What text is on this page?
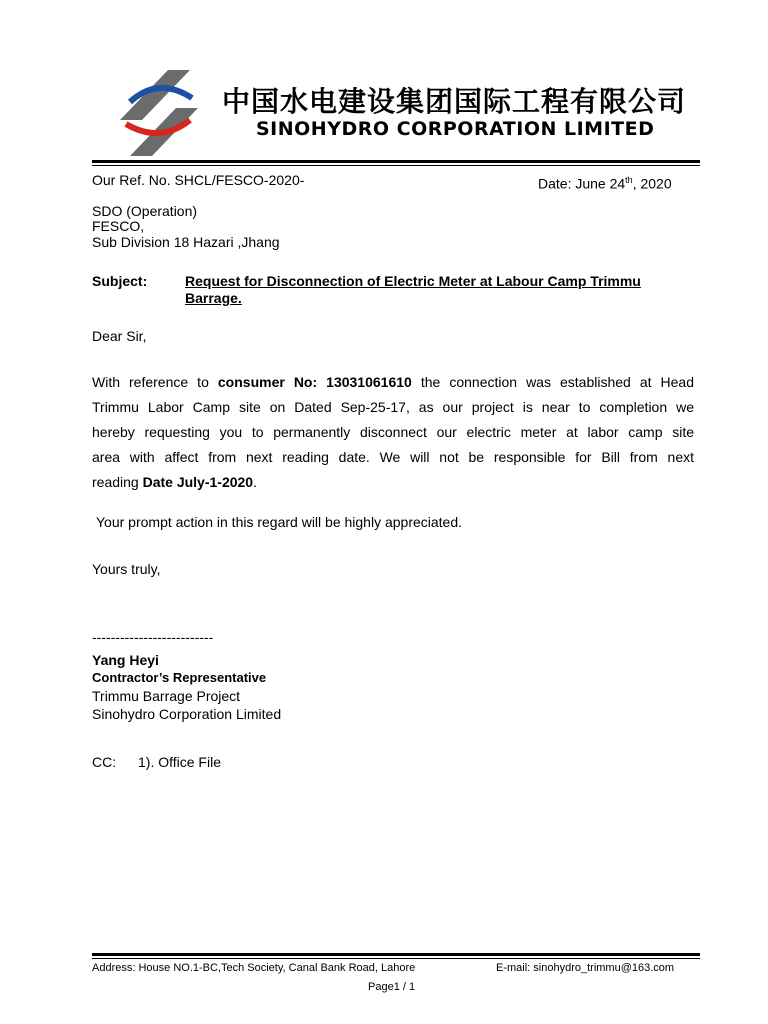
中国水电建设集团国际工程有限公司
SINOHYDRO CORPORATION LIMITED
Our Ref. No. SHCL/FESCO-2020-	Date: June 24th, 2020
SDO (Operation)
FESCO,
Sub Division 18 Hazari ,Jhang
Subject:	Request for Disconnection of Electric Meter at Labour Camp Trimmu
Barrage.
Dear Sir,
With reference to consumer No: 13031061610 the connection was established at Head
Trimmu Labor Camp site on Dated Sep-25-17, as our project is near to completion we
hereby requesting you to permanently disconnect our electric meter at labor camp site
area with affect from next reading date. We will not be responsible for Bill from next
reading Date July-1-2020.
Your prompt action in this regard will be highly appreciated.
Yours truly,
--------------------------
Yang Heyi
Contractor’s Representative
Trimmu Barrage Project
Sinohydro Corporation Limited
CC: 1). Office File
Address: House NO.1-BC,Tech Society, Canal Bank Road, Lahore	E-mail: sinohydro_trimmu@163.com
Page1 / 1
